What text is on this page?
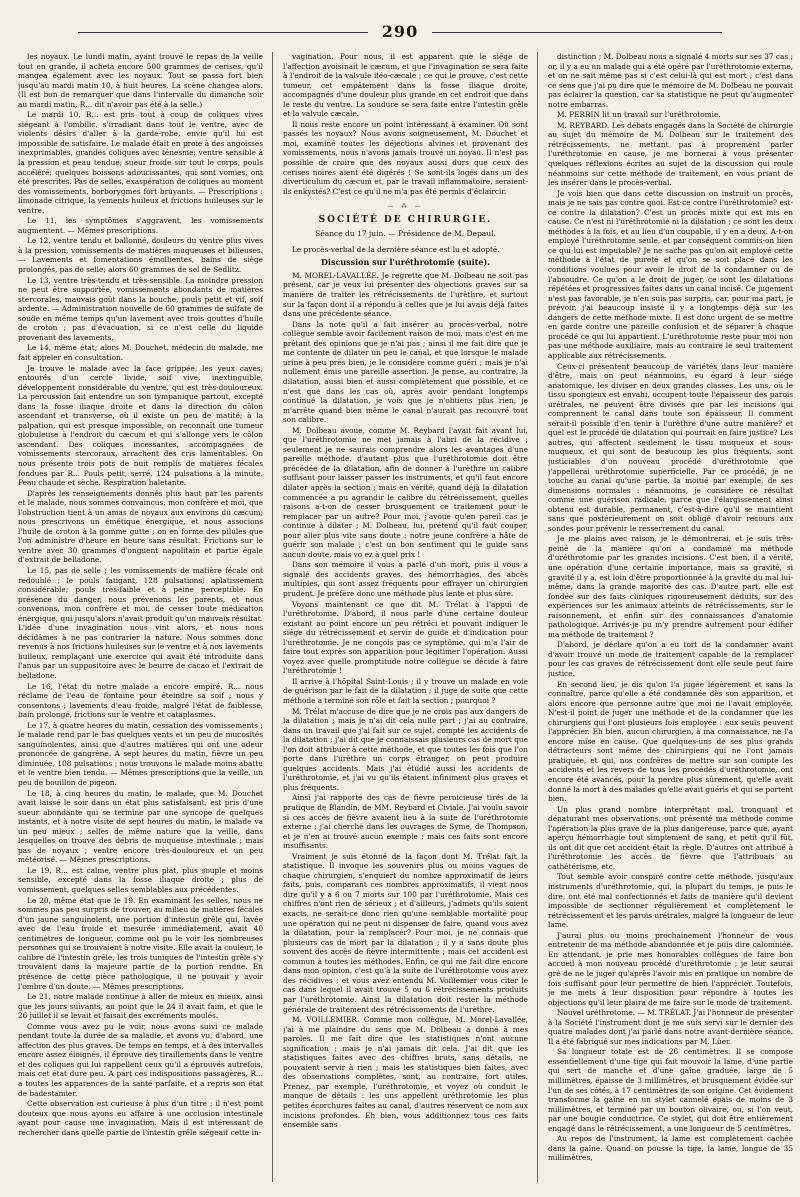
290

les noyaux. Le lundi matin, ayant trouvé le repas de la veille tout en grande, il acheta encore 500 grammes de cerises, qu'il mangea également avec les noyaux. Tout se passa fort bien jusqu'au mardi matin 10, à huit heures. La scène changea alors. (Il est bon de remarquer que dans l'intervalle du dimanche soir au mardi matin, R... dit n'avoir pas été à la selle.)

Le mardi 10, R... est pris tout à coup de coliques vives siégeant à l'ombilic, s'irradiant dans tout le ventre, avec de violents désirs d'aller à la garde-robe, envie qu'il lui est impossible de satisfaire. Le malade était en proie à des angoisses inexprimables, grandes coliques avec ténesme; ventre sensible à la pression et peau tendue; sueur froide sur tout le corps, pouls accéléré; quelques boissons adoucissantes, qui sont vomies, ont été prescrites. Pas de selles, exaspération de coliques au moment des vomissements, borborygmes fort bruyants. — Prescriptions : limonade citrique, la vements huileux et frictions huileuses sur le ventre.

Le 11, les symptômes s'aggravent, les vomissements augmentent. — Mêmes prescriptions.

Le 12, ventre tendu et ballonné, douleurs du ventre plus vives à la pression, vomissements de matières muqueuses et bilieuses. — Lavements et fomentations émollientes, bains de siège prolongés, pas de selle; alors 60 grammes de sel de Sedlitz.

Le 13, ventre très-tendu et très-sensible. La moindre pression ne peut être supportée, vomissements abondants de matières stercorales, mauvais goût dans la bouche, pouls petit et vif, soif ardente. — Administration nouvelle de 60 grammes de sulfate de soude en même temps qu'un lavement avec trois gouttes d'huile de croton ; pas d'évacuation, si ce n'est celle du liquide provenant des lavements.

Le 14, même état; alors M. Douchet, médecin du malade, me fait appeler en consultation.

Je trouve le malade avec la face grippée, les yeux caves, entourés d'un cercle livide, soif vive, inextinguible, développement considérable du ventre, qui est très-douloureux. La percussion fait entendre un son tympanique partout, excepté dans la fosse iliaque droite et dans la direction du côlon ascendant et transverse, où il existe un peu de matité; à la palpation, qui est presque impossible, on reconnaît une tumeur globuleuse à l'endroit du cæcum et qui s'allonge vers le côlon ascendant. Des coliques incessantes, accompagnées de vomissements stercoraux, arrachent des cris lamentables. On nous présente trois pots de nuit remplis de matières fécales fondues par R... Pouls petit, serré, 124 pulsations à la minute. Peau chaude et sèche. Respiration haletante.

D'après les renseignements donnés plus haut par les parents et le malade, nous sommes convaincus, mon confrère et moi, que l'obstruction tient à un amas de noyaux aux environs du cæcum; nous prescrivons un émétique énergique, et nous associons l'huile de croton à la gomme gutte ; on en forme des pilules que l'on administre d'heure en heure sans résultat. Frictions sur le ventre avec 30 grammes d'onguent napolitain et partie égale d'extrait de belladone.

Le 15, pas de selle ; les vomissements de matière fécale ont redoublé ; le pouls fatigant, 128 pulsations; aplatissement considérable; pouls très-faible et à peine perceptible. En présence du danger, nous prévenons les parents, et nous convenons, mon confrère et moi, de cesser toute médication énergique, qui jusqu'alors n'avait produit qu'un mauvais résultat. L'idée d'une invagination nous vint alors, et nous nous décidâmes à ne pas contrarier la nature. Nous sommes donc revenus à nos frictions huileuses sur le ventre et à nos lavements huileux, remplaçant une exercice qui avait été introduite dans l'anus par un suppositoire avec le beurre de cacao et l'extrait de belladone.

Le 16, l'état du notre malade a encore empiré. R... nous réclame de l'eau de fontaine pour éteindre sa soif ; nous y consentons ; lavements d'eau froide, malgré l'état de faiblesse, bain prolongé, frictions sur le ventre et cataplasmes.

Le 17, à quatre heures du matin, cessation des vomissements ; le malade rend par le bas quelques vents et un peu de mucosités sanguinolentes, ainsi que d'autres matières qui ont une odeur prononcée de gangrène. A sept heures du matin, fièvre un peu diminuée, 108 pulsations ; nous trouvons le malade moins abattu et le ventre bien tendu. — Mêmes prescriptions que la veille, un peu de bouillon de pigeon.

Le 18, à cinq heures du matin, le malade, que M. Douchet avait laissé le soir dans un état plus satisfaisant, est pris d'une sueur abondante qui se termine par une syncope de quelques instants, et à notre visite de sept heures du matin, le malade va un peu mieux ; selles de même nature que la veille, dans lesquelles on trouve des débris de muqueuse intestinale ; mais pas de noyaux ; ventre encore très-douloureux et un peu météorisé. — Mêmes prescriptions.

Le 19, R... est calme, ventre plus plat, plus souple et moins sensible, excepté dans la fosse iliaque droite ; plus de vomissement, quelques selles semblables aux précédentes.

Le 20, même état que le 19. En examinant les selles, nous ne sommes pas peu surpris de trouver, au milieu de matières fécales d'un jaune sanguinolent, une portion d'intestin grêle qui, lavée avec de l'eau froide et mesurée immédiatement, avait 40 centimètres de longueur, comme ont pu le voir les nombreuses personnes qui se trouvaient à notre visite. Elle avait la couleur, le calibre de l'intestin grêle, les trois tuniques de l'intestin grêle s'y trouvaient dans la majeure partie de la portion rendue. En présence de cette pièce pathologique, il ne pouvait y avoir l'ombre d'un doute. — Mêmes prescriptions.

Le 21, notre malade continue à aller de mieux en mieux, ainsi que les jours suivants, au point que le 24 il avait faim, et que le 26 juillet il se levait et faisait des excréments moulés.

Comme vous avez pu le voir, nous avons suivi ce malade pendant toute la durée de sa maladie, et avons vu, d'abord, une affection des plus graves. De temps en temps, et à des intervalles encore assez éloignés, il éprouve des tiraillements dans le ventre et des coliques qui lui rappellent ceux qu'il a éprouvés autrefois, mais cet état dure peu. A part ces indispositions passagères, R... a toutes les apparences de la santé parfaite, et a repris son état de badestamier.

Cette observation est curieuse à plus d'un titre : il n'est point douteux que nous ayons eu affaire à une occlusion intestinale ayant pour cause une invagination. Mais il est intéressant de rechercher dans quelle partie de l'intestin grêle siégeait cette in-

vagination. Pour nous, il est apparent que le siége de l'affection avoisinait le cæcum, et que l'invagination se sera faite à l'endroit de la valvule iléo-cæcale ; ce qui le prouve, c'est cette tumeur, cet empâtement dans la fosse iliaque droite, accompagnés d'une douleur plus grande en cet endroit que dans le reste du ventre. La soudure se sera faite entre l'intestin grêle et la valvule cæcale.

Il nous reste encore un point intéressant à examiner. Où sont passés les noyaux? Nous avons soigneusement, M. Douchet et moi, examiné toutes les déjections alvines et provenant des vomissements, nous n'avons jamais trouvé un noyau. Il n'est pas possible de croire que des noyaux aussi durs que ceux des cerises noires aient été digérés ! Se sont-ils logés dans un des diverticulum du cæcum et, par le travail inflammatoire, seraient-ils enkystés? C'est ce qu'il ne m'a pas été permis d'éclaircir.

— ⁂ —
SOCIÉTÉ DE CHIRURGIE.
Séance du 17 juin. — Présidence de M. Depaul.

Le procès-verbal de la dernière séance est lu et adopté.

Discussion sur l'uréthrotomie (suite).

M. MOREL-LAVALLÉE. Je regrette que M. Dolbeau ne soit pas présent, car je veux lui présenter des objections graves sur sa manière de traiter les rétrécissements de l'urèthre, et surtout sur la façon dont il a répondu à celles que je lui avais déjà faites dans une précédente séance.

Dans la note qu'il a fait insérer au procès-verbal, notre collègue semble avoir facilement raison de moi, mais c'est en me prêtant des opinions que je n'ai pas ; ainsi il me fait dire que je me contente de dilater un peu le canal, et que lorsque le malade urine à peu près bien, je le considère comme guéri ; mais je n'ai nullement émis une pareille assertion. Je pense, au contraire, la dilatation, aussi bien et aussi complètement que possible, et ce n'est que dans les cas où, après avoir pendant longtemps continué la dilatation, je vois que je n'obtiens plus rien, je m'arrête quand bien même le canal n'aurait pas recouvré tout son calibre.

M. Dolbeau avoue, comme M. Reybard l'avait fait avant lui, que l'uréthrotomie ne met jamais à l'abri de la récidive ; seulement je ne saurais comprendre alors les avantages d'une pareille méthode, d'autant plus que l'uréthrotomie doit être précédée de la dilatation, afin de donner à l'urèthre un calibre suffisant pour laisser passer les instruments, et qu'il faut encore dilater après la section ; mais en vérité, quand déjà la dilatation commencée a pu agrandir le calibre du rétrécissement, quelles raisons a-t-on de cesser brusquement ce traitement pour le remplacer par un autre? Pour moi, j'avoue qu'en pareil cas je continue à dilater ; M. Dolbeau, lui, prétend qu'il faut couper, pour aller plus vite sans doute : notre jeune confrère a hâte de guérir son malade ; c'est un bon sentiment qui le guide sans aucun doute, mais vo ez à quel prix !

Dans son mémoire il vous a parlé d'un mort, puis il vous a signalé des accidents graves, des hémorrhagies, des abcès multiples, qui sont assez fréquents pour effrayer un chirurgien prudent. Je préfère donc une méthode plus lente et plus sûre.

Voyons maintenant ce que dit M. Trélat à l'appui de l'uréthrotomie. D'abord, il nous parle d'une certaine douleur existant au point encore un peu rétréci et pouvant indiquer le siége du rétrécissement et servir de guide et d'indication pour l'uréthrotomie. Je ne conçois pas ce symptôme, qui m'a l'air de faire tout exprès son apparition pour légitimer l'opération. Aussi voyez avec quelle promptitude notre collègue se décide à faire l'uréthrotomie !

Il arrive à l'hôpital Saint-Louis ; il y trouve un malade en voie de guérison par le fait de la dilatation ; il juge de suite que cette méthode a terminé son rôle et fait la section ; pourquoi ?

M. Trélat m'accuse de dire que je ne crois pas aux dangers de la dilatation ; mais je n'ai dit cela nulle part ; j'ai au contraire, dans un travail que j'ai fait sur ce sujet, compté les accidents de la dilatation ; j'ai dit que je connaissais plusieurs cas de mort que l'on doit attribuer à cette méthode, et que toutes les fois que l'on porte dans l'urèthre un corps étranger, on peut produire quelques accidents. Mais j'ai étudié aussi les accidents de l'uréthrotomie, et j'ai vu qu'ils étaient infiniment plus graves et plus fréquents.

Ainsi j'ai rapporté des cas de fièvre pernicieuse tirés de la pratique de Blandin, de MM. Reybard et Civiale. J'ai voulu savoir si ces accès de fièvre avaient lieu à la suite de l'uréthrotomie externe ; j'ai cherché dans les ouvrages de Syme, de Thompson, et je n'en ai trouvé aucun exemple ; mais ces faits sont encore insuffisants.

Vraiment je suis étonné de la façon dont M. Trélat fait la statistique. Il invoque les souvenirs plus ou moins vagues de chaque chirurgien, s'enquiert du nombre approximatif de leurs faits, puis, comparant ces nombres approximatifs, il vient nous dire qu'il y a 6 ou 7 morts sur 100 par l'uréthrotomie. Mais ces chiffres n'ont rien de sérieux ; et d'ailleurs, j'admets qu'ils soient exacts, ne serait-ce donc rien qu'une semblable mortalité pour une opération qui ne peut ni dispenser de faire, quand vous avez la dilatation, pour la remplacer? Pour moi, je ne connais que plusieurs cas de mort par la dilatation ; il y a sans doute plus souvent des accès de fièvre intermittente ; mais cet accident est commun à toutes les méthodes. Enfin, ce qui me fait dire encore dans mon opinion, c'est qu'à la suite de l'uréthrotomie vous avez des récidives ; et vous avez entendu M. Voillemier vous citer le cas dans lequel il avait trouvé 5 ou 6 rétrécissements produits par l'uréthrotomie. Ainsi la dilatation doit rester la méthode générale de traitement des rétrécissements de l'urèthre.

M. VOILLEMIER. Comme mon collègue, M. Morel-Lavallée, j'ai à me plaindre du sens que M. Dolbeau a donné à mes paroles. Il me fait dire que les statistiques n'ont aucune signification ; mais je n'ai jamais dit cela. J'ai dit que les statistiques faites avec des chiffres bruts, sans détails, ne pouvaient servir à rien ; mais les statistiques bien faites, avec des observations complètes, sont, au contraire, fort utiles. Prenez, par exemple, l'uréthrotomie, et voyez où conduit le manque de détails : les uns appellent uréthrotomie les plus petites écorchures faites au canal, d'autres réservent ce nom aux incisions profondes. Eh bien, vous additionnez tous ces faits ensemble sans

distinction ; M. Dolbeau nous a signalé 4 morts sur ses 37 cas ; or, il y a eu un malade qui a été opéré par l'uréthrotomie externe, et on ne sait même pas si c'est celui-là qui est mort ; c'est dans ce sens que j'ai pu dire que le mémoire de M. Dolbeau ne pouvait pas éclairer la question, car sa statistique ne peut qu'augmenter notre embarras.

M. PERRIN lit un travail sur l'uréthrotomie.

M. REYBARD. Les débats engagés dans la Société de chirurgie au sujet du mémoire de M. Dolbeau sur le traitement des rétrécissements, ne mettant pas à proprement parler l'uréthrotomie en cause, je me bornerai à vous présenter quelques réflexions écrites au sujet de la discussion qui roule néanmoins sur cette méthode de traitement, en vous priant de les insérer dans le procès-verbal.

Je vois bien que dans cette discussion on instruit un procès, mais je ne sais pas contre quoi. Est-ce contre l'uréthrotomie? est-ce contre la dilatation? C'est un procès mixte qui est mis en cause. Ce n'est ni l'uréthrotomie ni la dilatation ; ce sont les deux méthodes à la fois, et au lieu d'un coupable, il y en a deux. A-t-on employé l'uréthrotomie seule, et par conséquent commis-on bien ce qui lui est imputable? Je ne sache pas qu'on ait employé cette méthode à l'état de pureté et qu'on se soit placé dans les conditions voulues pour avoir le droit de la condamner ou de l'absoudre. Ce qu'on a le droit de juger, ce sont les dilatations répétées et progressives faites dans un canal incisé. Ce jugement n'est pas favorable, je n'en suis pas surpris, car, pour ma part, je prévoir, j'ai beaucoup insisté il y a longtemps déjà sur les dangers de cette méthode mixte. Il est donc urgent de se mettre en garde contre une pareille confusion et de séparer à chaque procédé ce qui lui appartient. L'uréthrotomie reste pour moi non pas une méthode auxiliaire, mais au contraire le seul traitement applicable aux rétrécissements.

Ceux-ci présentent beaucoup de variétés dans leur manière d'être, mais on peut néanmoins, eu égard à leur siége anatomique, les diviser en deux grandes classes. Les uns, où le tissu spongieux est envahi, occupent toute l'épaisseur des parois urétrales, ne peuvent être divisés que par les incisions qui comprennent le canal dans toute son épaisseur. Il comment serait-il possible d'en tenir à l'urèthre d'une autre manière? et quel est le procédé de dilatation qui pourrait en faire justice? Les autres, qui affectent seulement le tissu muqueux et sous-muqueux, et qui sont de beaucoup les plus fréquents, sont justiciables d'un nouveau procédé d'uréthrotomie que j'appellerai uréthrotomie superficielle. Par ce procédé, je ne touche au canal qu'une partie, la moitié par exemple, de ses dimensions normales : néanmoins, je considère ce résultat comme une guérison radicale, parce que l'élargissement ainsi obtenu est durable, permanent, c'est-à-dire qu'il se maintient sans que postérieurement on soit obligé d'avoir recours aux sondes pour prévenir le resserrement du canal.

Je me plains avec raison, je le démontrerai, et je suis très-peiné de la manière qu'on a condamné ma méthode d'uréthrotomie par les grandes incisions. C'est bien, il a vérité, une opération d'une certaine importance, mais sa gravité, si gravité il y a, est loin d'être proportionnée à la gravité du mal lui-même, dans la grande majorité des cas. D'autre part, elle est fondée sur des faits cliniques rigoureusement déduits, sur des expériences sur les animaux atteints de rétrécissements, sur le raisonnement, et enfin sur des connaissances d'anatomie pathologique. Arrivés-je pu m'y prendre autrement pour édifier ma méthode de traitement ?

D'abord, je déclare qu'on a eu tort de la condamner avant d'avoir trouvé un mode de traitement capable de la remplacer pour les cas graves de rétrécissement dont elle seule peut faire justice.

En second lieu, je dis qu'on l'a jugée légèrement et sans la connaître, parce qu'elle a été condamnée dès son apparition, et alors encore que personne autre que moi ne l'avait employée. N'est-il point de juger une méthode et de la condamner que les chirurgiens qui l'ont plusieurs fois employée : eux seuls peuvent l'apprécier. Eh bien, aucun chirurgien, à ma connaissance, ne l'a encore mise en cause. Que quelques-uns de ses plus grands détracteurs sont même des chirurgiens qui ne l'ont jamais pratiquée, et qui, nos confrères de mettre sur son compte les accidents et les revers de tous les procédés d'uréthrotomie, ont encore été avancés, pour la perdre plus sûrement, qu'elle avait donné la mort à des malades qu'elle avait guéris et qui se portent bien.

Un plus grand nombre interprétant mal, tronquant et dénaturant mes observations, ont présenté ma méthode comme l'opération la plus grave de la plus dangereuse, parce que, ayant aperçu hémorrhagie tout simplement de sang, et petit qu'il fût, ils ont dit que cet accident était la règle. D'autres ont attribué à l'uréthrotomie les accès de fièvre que l'attribuais au cathétérisme, etc.

Tout semble avoir conspiré contre cette méthode, jusqu'aux instruments d'uréthrotomie, qui, la plupart du temps, je puis le dire, ont été mal confectionnés et faits de manière qu'il devient impossible de sectionner régulièrement et complètement le rétrécissement et les parois urétrales, malgré la longueur de leur lame.

J'aurai plus ou moins prochainement l'honneur de vous entretenir de ma méthode abandonnée et je puis dire calomniée. En attendant, je prie mes honorables collègues de faire bon accueil à mon nouveau procédé d'uréthrotomie ; je leur saurai gré de ne le juger qu'après l'avoir mis en pratique un nombre de fois suffisant pour leur permettre de bien l'apprécier. Toutefois, je me mets à leur disposition pour répondre à toutes les objections qu'il leur plaira de me faire sur le mode de traitement.

Nouvel uréthrotome. — M. TRÉLAT. J'ai l'honneur de présenter à la Société l'instrument dont je me suis servi sur le dernier des quatre malades dont j'ai parlé dans notre avant-dernière séance. Il a été fabriqué sur mes indications par M. Lüer.

Sa longueur totale est de 26 centimètres. Il se compose essentiellement d'une tige qui fait mouvoir la lame, d'une partie qui sert de manche et d'une gaîne graduée, large de 5 millimètres, épaisse de 3 millimètres, et brusquement évidée sur l'un de ses côtés, à 17 centimètres de son origine. Cet évidement transforme la gaîne en un stylet cannelé épais de moins de 3 millimètres, et terminé par un bouton olivaire, ou, si l'on veut, par une bougie conductrice. Ce stylet, qui doit être entièrement engagé dans le rétrécissement, a une longueur de 5 centimètres.

Au repos de l'instrument, la lame est complètement cachée dans la gaîne. Quand on pousse la tige, la lame, longue de 35 millimètres,
